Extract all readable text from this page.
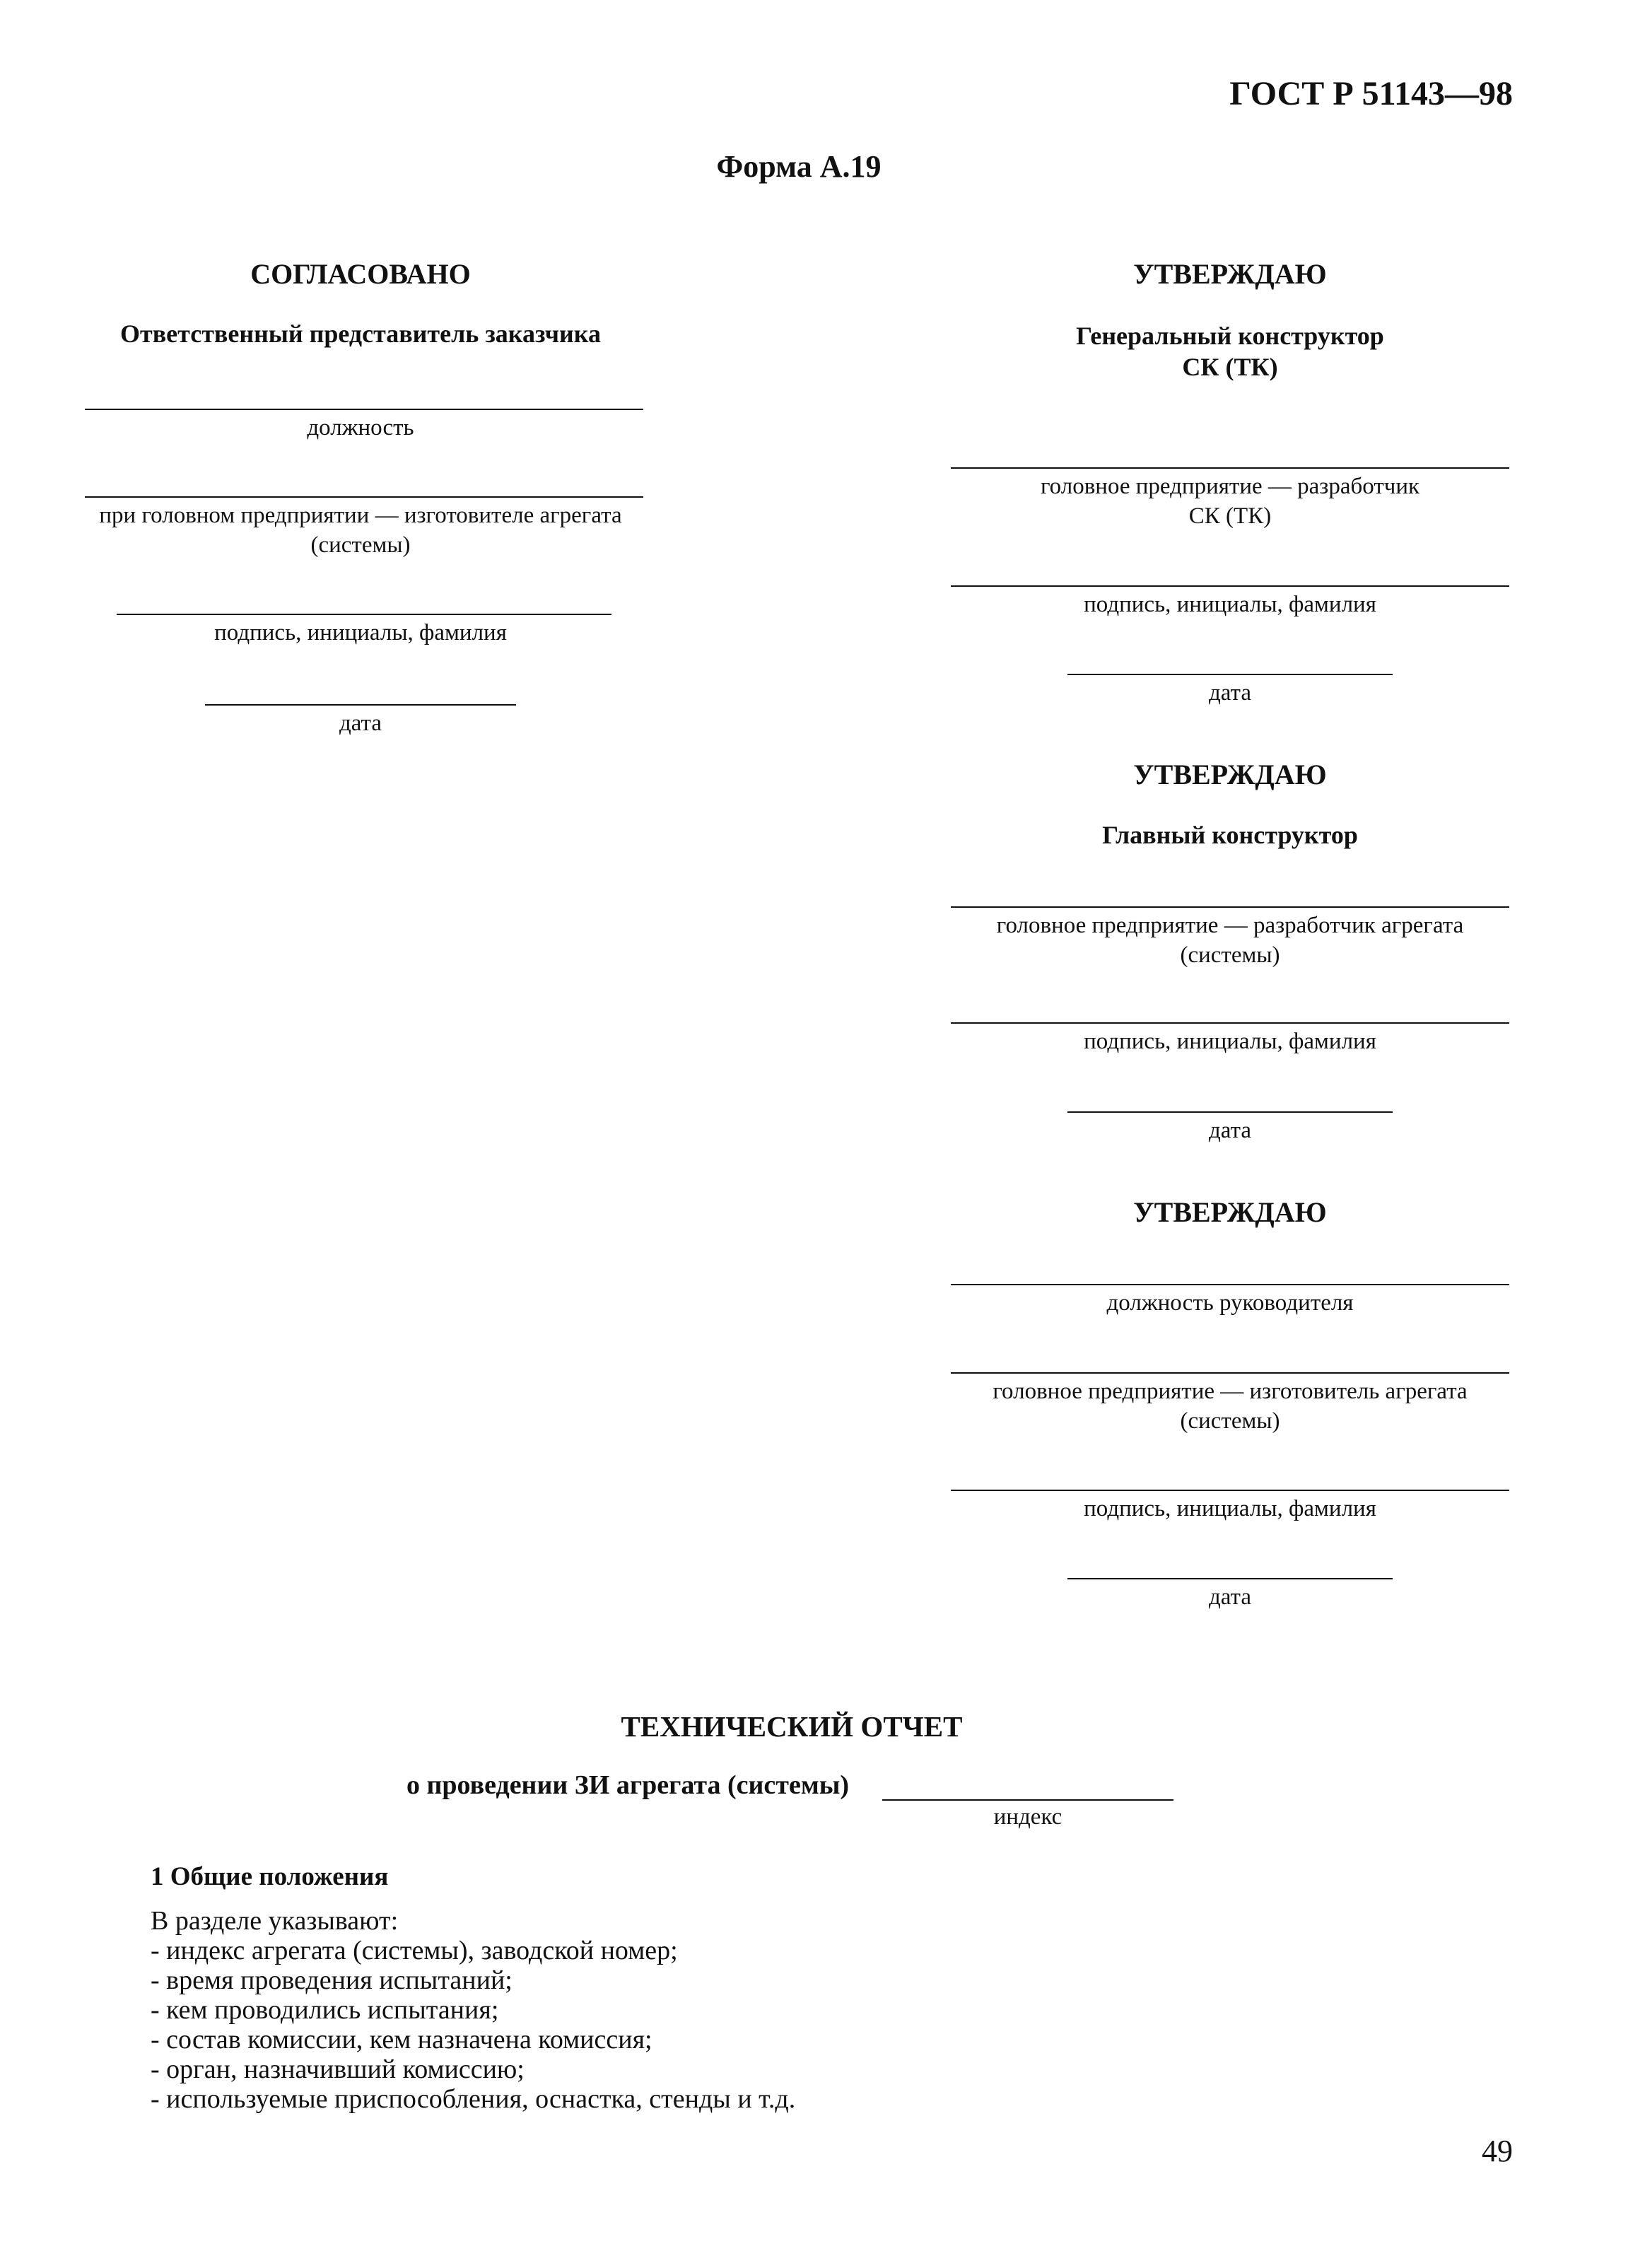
ГОСТ Р 51143—98
Форма А.19
СОГЛАСОВАНО
Ответственный представитель заказчика
должность
при головном предприятии — изготовителе агрегата (системы)
подпись, инициалы, фамилия
дата
УТВЕРЖДАЮ
Генеральный конструктор
СК (ТК)
головное предприятие — разработчик
СК (ТК)
подпись, инициалы, фамилия
дата
УТВЕРЖДАЮ
Главный конструктор
головное предприятие — разработчик агрегата
(системы)
подпись, инициалы, фамилия
дата
УТВЕРЖДАЮ
должность руководителя
головное предприятие — изготовитель агрегата
(системы)
подпись, инициалы, фамилия
дата
ТЕХНИЧЕСКИЙ ОТЧЕТ
о проведении ЗИ агрегата (системы)
индекс
1 Общие положения
В разделе указывают:
- индекс агрегата (системы), заводской номер;
- время проведения испытаний;
- кем проводились испытания;
- состав комиссии, кем назначена комиссия;
- орган, назначивший комиссию;
- используемые приспособления, оснастка, стенды и т.д.
49
